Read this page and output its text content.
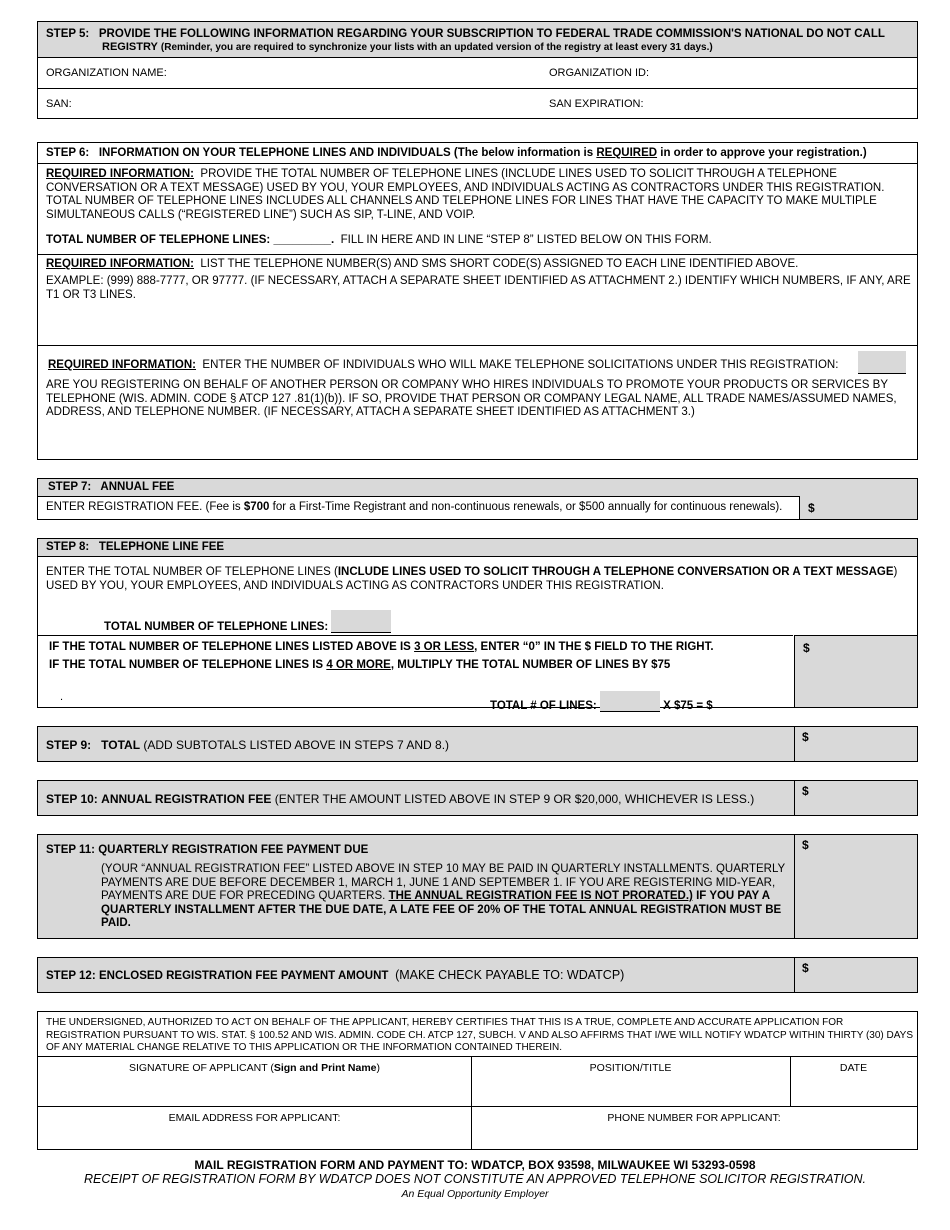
STEP 5: PROVIDE THE FOLLOWING INFORMATION REGARDING YOUR SUBSCRIPTION TO FEDERAL TRADE COMMISSION'S NATIONAL DO NOT CALL
REGISTRY (Reminder, you are required to synchronize your lists with an updated version of the registry at least every 31 days.)
ORGANIZATION NAME:	ORGANIZATION ID:
SAN:	SAN EXPIRATION:
STEP 6: INFORMATION ON YOUR TELEPHONE LINES AND INDIVIDUALS (The below information is REQUIRED in order to approve your registration.)
REQUIRED INFORMATION: PROVIDE THE TOTAL NUMBER OF TELEPHONE LINES (INCLUDE LINES USED TO SOLICIT THROUGH A TELEPHONE CONVERSATION OR A TEXT MESSAGE) USED BY YOU, YOUR EMPLOYEES, AND INDIVIDUALS ACTING AS CONTRACTORS UNDER THIS REGISTRATION. TOTAL NUMBER OF TELEPHONE LINES INCLUDES ALL CHANNELS AND TELEPHONE LINES FOR LINES THAT HAVE THE CAPACITY TO MAKE MULTIPLE SIMULTANEOUS CALLS (“REGISTERED LINE”) SUCH AS SIP, T-LINE, AND VOIP.
TOTAL NUMBER OF TELEPHONE LINES: _________. FILL IN HERE AND IN LINE “STEP 8” LISTED BELOW ON THIS FORM.
REQUIRED INFORMATION: LIST THE TELEPHONE NUMBER(S) AND SMS SHORT CODE(S) ASSIGNED TO EACH LINE IDENTIFIED ABOVE.
EXAMPLE: (999) 888-7777, OR 97777. (IF NECESSARY, ATTACH A SEPARATE SHEET IDENTIFIED AS ATTACHMENT 2.) IDENTIFY WHICH NUMBERS, IF ANY, ARE T1 OR T3 LINES.
REQUIRED INFORMATION: ENTER THE NUMBER OF INDIVIDUALS WHO WILL MAKE TELEPHONE SOLICITATIONS UNDER THIS REGISTRATION:
ARE YOU REGISTERING ON BEHALF OF ANOTHER PERSON OR COMPANY WHO HIRES INDIVIDUALS TO PROMOTE YOUR PRODUCTS OR SERVICES BY TELEPHONE (WIS. ADMIN. CODE § ATCP 127 .81(1)(b)). IF SO, PROVIDE THAT PERSON OR COMPANY LEGAL NAME, ALL TRADE NAMES/ASSUMED NAMES, ADDRESS, AND TELEPHONE NUMBER. (IF NECESSARY, ATTACH A SEPARATE SHEET IDENTIFIED AS ATTACHMENT 3.)
STEP 7: ANNUAL FEE
ENTER REGISTRATION FEE. (Fee is $700 for a First-Time Registrant and non-continuous renewals, or $500 annually for continuous renewals). $
STEP 8: TELEPHONE LINE FEE
ENTER THE TOTAL NUMBER OF TELEPHONE LINES (INCLUDE LINES USED TO SOLICIT THROUGH A TELEPHONE CONVERSATION OR A TEXT MESSAGE) USED BY YOU, YOUR EMPLOYEES, AND INDIVIDUALS ACTING AS CONTRACTORS UNDER THIS REGISTRATION.
TOTAL NUMBER OF TELEPHONE LINES:
IF THE TOTAL NUMBER OF TELEPHONE LINES LISTED ABOVE IS 3 OR LESS, ENTER “0” IN THE $ FIELD TO THE RIGHT.
IF THE TOTAL NUMBER OF TELEPHONE LINES IS 4 OR MORE, MULTIPLY THE TOTAL NUMBER OF LINES BY $75
.
TOTAL # OF LINES:	X $75 = $
$
STEP 9: TOTAL (ADD SUBTOTALS LISTED ABOVE IN STEPS 7 AND 8.)
$
STEP 10: ANNUAL REGISTRATION FEE (ENTER THE AMOUNT LISTED ABOVE IN STEP 9 OR $20,000, WHICHEVER IS LESS.)
$
STEP 11: QUARTERLY REGISTRATION FEE PAYMENT DUE
(YOUR “ANNUAL REGISTRATION FEE” LISTED ABOVE IN STEP 10 MAY BE PAID IN QUARTERLY INSTALLMENTS. QUARTERLY PAYMENTS ARE DUE BEFORE DECEMBER 1, MARCH 1, JUNE 1 AND SEPTEMBER 1. IF YOU ARE REGISTERING MID-YEAR, PAYMENTS ARE DUE FOR PRECEDING QUARTERS. THE ANNUAL REGISTRATION FEE IS NOT PRORATED.) IF YOU PAY A QUARTERLY INSTALLMENT AFTER THE DUE DATE, A LATE FEE OF 20% OF THE TOTAL ANNUAL REGISTRATION MUST BE PAID.
$
STEP 12: ENCLOSED REGISTRATION FEE PAYMENT AMOUNT (MAKE CHECK PAYABLE TO: WDATCP)	$
THE UNDERSIGNED, AUTHORIZED TO ACT ON BEHALF OF THE APPLICANT, HEREBY CERTIFIES THAT THIS IS A TRUE, COMPLETE AND ACCURATE APPLICATION FOR REGISTRATION PURSUANT TO WIS. STAT. § 100.52 AND WIS. ADMIN. CODE CH. ATCP 127, SUBCH. V AND ALSO AFFIRMS THAT I/WE WILL NOTIFY WDATCP WITHIN THIRTY (30) DAYS OF ANY MATERIAL CHANGE RELATIVE TO THIS APPLICATION OR THE INFORMATION CONTAINED THEREIN.
SIGNATURE OF APPLICANT (Sign and Print Name)	POSITION/TITLE	DATE
EMAIL ADDRESS FOR APPLICANT:	PHONE NUMBER FOR APPLICANT:
MAIL REGISTRATION FORM AND PAYMENT TO: WDATCP, BOX 93598, MILWAUKEE WI 53293-0598
RECEIPT OF REGISTRATION FORM BY WDATCP DOES NOT CONSTITUTE AN APPROVED TELEPHONE SOLICITOR REGISTRATION.
An Equal Opportunity Employer
